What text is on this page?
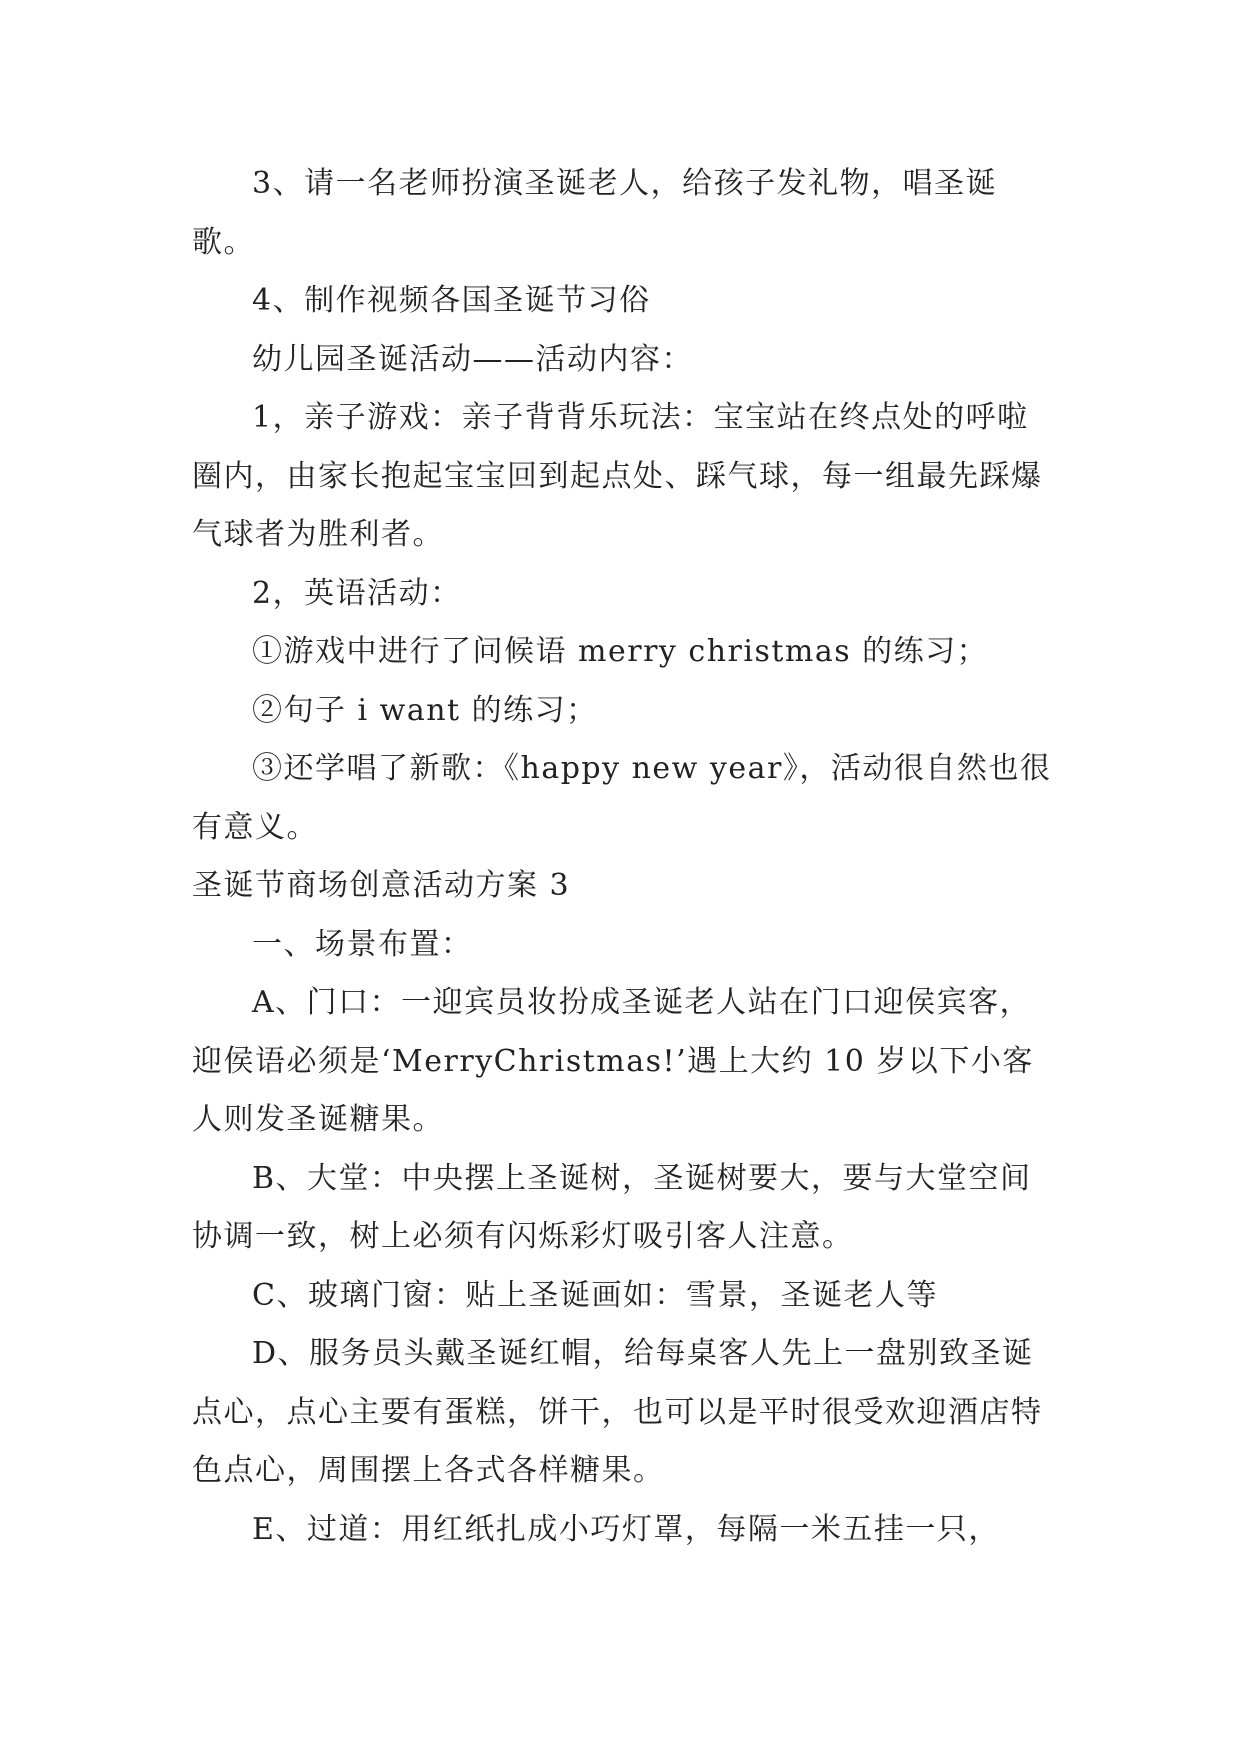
3、请一名老师扮演圣诞老人，给孩子发礼物，唱圣诞歌。

4、制作视频各国圣诞节习俗

幼儿园圣诞活动——活动内容：

1，亲子游戏：亲子背背乐玩法：宝宝站在终点处的呼啦圈内，由家长抱起宝宝回到起点处、踩气球，每一组最先踩爆气球者为胜利者。

2，英语活动：

①游戏中进行了问候语 merry christmas 的练习；

②句子 i want 的练习；

③还学唱了新歌：《happy new year》，活动很自然也很有意义。

圣诞节商场创意活动方案 3

一、场景布置：

A、门口：一迎宾员妆扮成圣诞老人站在门口迎侯宾客，迎侯语必须是‘MerryChristmas!’遇上大约 10 岁以下小客人则发圣诞糖果。

B、大堂：中央摆上圣诞树，圣诞树要大，要与大堂空间协调一致，树上必须有闪烁彩灯吸引客人注意。

C、玻璃门窗：贴上圣诞画如：雪景，圣诞老人等

D、服务员头戴圣诞红帽，给每桌客人先上一盘别致圣诞点心，点心主要有蛋糕，饼干，也可以是平时很受欢迎酒店特色点心，周围摆上各式各样糖果。

E、过道：用红纸扎成小巧灯罩，每隔一米五挂一只，
